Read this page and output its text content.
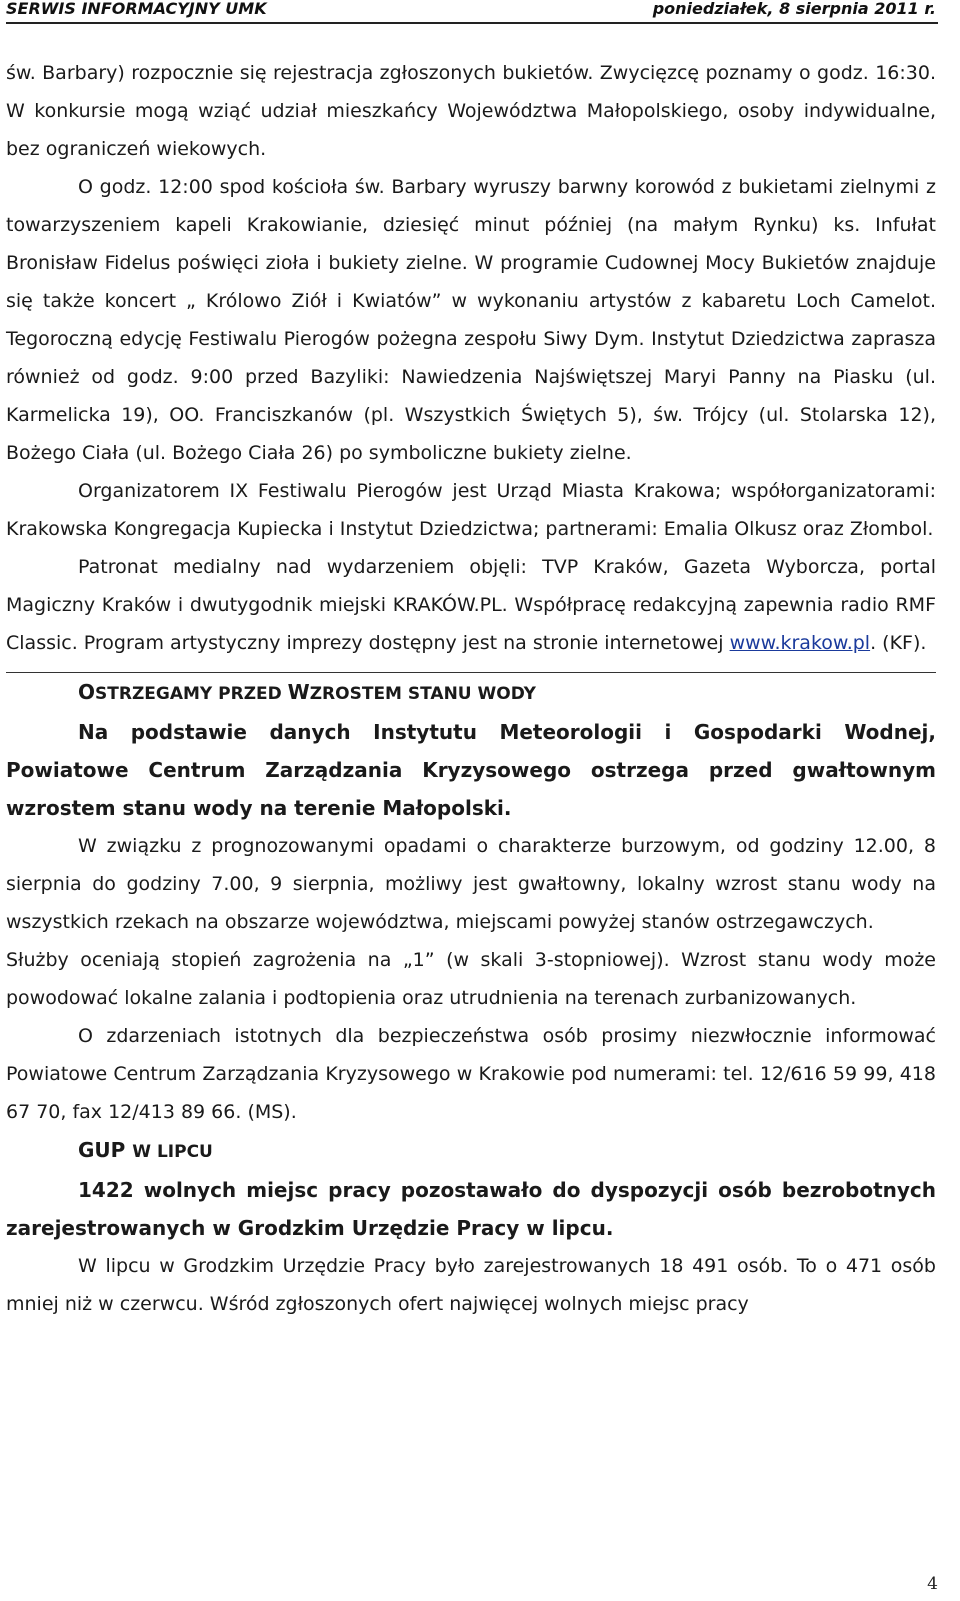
SERWIS INFORMACYJNY UMK	poniedziałek, 8 sierpnia 2011 r.

św. Barbary) rozpocznie się rejestracja zgłoszonych bukietów. Zwycięzcę poznamy o godz. 16:30. W konkursie mogą wziąć udział mieszkańcy Województwa Małopolskiego, osoby indywidualne, bez ograniczeń wiekowych.

O godz. 12:00 spod kościoła św. Barbary wyruszy barwny korowód z bukietami zielnymi z towarzyszeniem kapeli Krakowianie, dziesięć minut później (na małym Rynku) ks. Infułat Bronisław Fidelus poświęci zioła i bukiety zielne. W programie Cudownej Mocy Bukietów znajduje się także koncert „ Królowo Ziół i Kwiatów” w wykonaniu artystów z kabaretu Loch Camelot. Tegoroczną edycję Festiwalu Pierogów pożegna zespołu Siwy Dym. Instytut Dziedzictwa zaprasza również od godz. 9:00 przed Bazyliki: Nawiedzenia Najświętszej Maryi Panny na Piasku (ul. Karmelicka 19), OO. Franciszkanów (pl. Wszystkich Świętych 5), św. Trójcy (ul. Stolarska 12), Bożego Ciała (ul. Bożego Ciała 26) po symboliczne bukiety zielne.

Organizatorem IX Festiwalu Pierogów jest Urząd Miasta Krakowa; współorganizatorami: Krakowska Kongregacja Kupiecka i Instytut Dziedzictwa; partnerami: Emalia Olkusz oraz Złombol.

Patronat medialny nad wydarzeniem objęli: TVP Kraków, Gazeta Wyborcza, portal Magiczny Kraków i dwutygodnik miejski KRAKÓW.PL. Współpracę redakcyjną zapewnia radio RMF Classic. Program artystyczny imprezy dostępny jest na stronie internetowej www.krakow.pl. (KF).

OSTRZEGAMY PRZED WZROSTEM STANU WODY

Na podstawie danych Instytutu Meteorologii i Gospodarki Wodnej, Powiatowe Centrum Zarządzania Kryzysowego ostrzega przed gwałtownym wzrostem stanu wody na terenie Małopolski.

W związku z prognozowanymi opadami o charakterze burzowym, od godziny 12.00, 8 sierpnia do godziny 7.00, 9 sierpnia, możliwy jest gwałtowny, lokalny wzrost stanu wody na wszystkich rzekach na obszarze województwa, miejscami powyżej stanów ostrzegawczych.

Służby oceniają stopień zagrożenia na „1” (w skali 3-stopniowej). Wzrost stanu wody może powodować lokalne zalania i podtopienia oraz utrudnienia na terenach zurbanizowanych.

O zdarzeniach istotnych dla bezpieczeństwa osób prosimy niezwłocznie informować Powiatowe Centrum Zarządzania Kryzysowego w Krakowie pod numerami: tel. 12/616 59 99, 418 67 70, fax 12/413 89 66. (MS).

GUP W LIPCU

1422 wolnych miejsc pracy pozostawało do dyspozycji osób bezrobotnych zarejestrowanych w Grodzkim Urzędzie Pracy w lipcu.

W lipcu w Grodzkim Urzędzie Pracy było zarejestrowanych 18 491 osób. To o 471 osób mniej niż w czerwcu. Wśród zgłoszonych ofert najwięcej wolnych miejsc pracy

4
